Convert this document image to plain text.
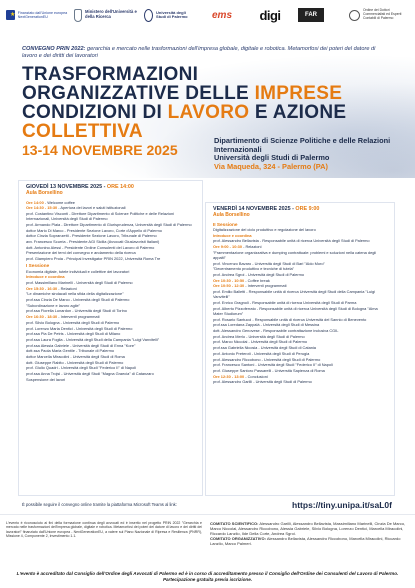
★
Finanziato dall'Unione europea NextGenerationEU
Ministero dell'Università e della Ricerca
Università degli Studi di Palermo	ems	digi	FAR
Ordine dei Dottori Commercialisti ed Esperti Contabili di Palermo
CONVEGNO PRIN 2022: gerarchia e mercato nelle trasformazioni dell'impresa globale, digitale e robotica. Metamorfosi dei poteri del datore di lavoro e dei diritti dei lavoratori
TRASFORMAZIONI
ORGANIZZATIVE DELLE IMPRESE
CONDIZIONI DI LAVORO E AZIONE
COLLETTIVA
13-14 NOVEMBRE 2025
Dipartimento di Scienze Politiche e delle Relazioni Internazionali
Università degli Studi di Palermo
Via Maqueda, 324 - Palermo (PA)
GIOVEDÌ 13 NOVEMBRE 2025 - ORE 14:00
Aula Borsellino
Ore 14:00 - Welcome coffee
Ore 14:30 - 15:30 - Apertura dei lavori e saluti istituzionali
prof. Costantino Visconti - Direttore Dipartimento di Scienze Politiche e delle Relazioni Internazionali, Università degli Studi di Palermo
prof. Armando Plaia - Direttore Dipartimento di Giurisprudenza, Università degli Studi di Palermo
dottor Mario Di Marco - Presidente Sezione Lavoro, Corte d'Appello di Palermo
dottor Cinzia Sopranzetti - Presidente Sezione Lavoro, Tribunale di Palermo
avv. Francesco Scurria - Presidente AGI Sicilia (Avvocati Giuslavoristi Italiani)
dott. Antonino Alessi - Presidente Ordine Consulenti del Lavoro di Palermo
Presentazione dei temi del convegno e andamento della ricerca
prof. Giampiero Proia - Principal Investigator PRIN 2022, Università Roma Tre
I Sessione
Economia digitale, tutele individuali e collettive dei lavoratori
Introduce e coordina
prof. Massimiliano Marinelli - Università degli Studi di Palermo
Ore 15:30 - 16:30 - Relazioni
"Le dinamiche sindacali nella sfida della digitalizzazione"
prof.ssa Cinzia De Marco - Università degli Studi di Palermo
"Subordinazione e lavoro agile"
prof.ssa Fiorella Lunardon - Università degli Studi di Torino
Ore 16:30 - 18:30 - Interventi programmati
prof. Silvio Bologna - Università degli Studi di Palermo
prof. Lorenzo Maria Dentici - Università degli Studi di Palermo
prof.ssa Pia De Petris - Università degli Studi di Milano
prof.ssa Laura Foglia - Università degli Studi della Campania "Luigi Vanvitelli"
prof.ssa Alessia Gabriele - Università degli Studi di Enna "Kore"
dott.ssa Paola Maria Gentile - Tribunale di Palermo
dottor Marcella Miracolini - Università degli Studi di Roma
dott. Giuseppe Rabito - Università degli Studi di Palermo
prof. Giulio Quadri - Università degli Studi "Federico II" di Napoli
prof.ssa Anna Trojsi - Università degli Studi "Magna Graecia" di Catanzaro
Sospensione dei lavori
VENERDÌ 14 NOVEMBRE 2025 - ORE 9:00
Aula Borsellino
II Sessione
Digitalizzazione del ciclo produttivo e regolazione del lavoro
Introduce e coordina
prof. Alessandro Bellavista - Responsabile unità di ricerca Università degli Studi di Palermo
Ore 9:00 - 10:30 - Relazioni
"Frammentazione organizzativa e dumping contrattuale: problemi e soluzioni nella catena degli appalti"
prof. Vincenzo Bavaro - Università degli Studi di Bari "Aldo Moro"
"Decentramento produttivo e tecniche di tutela"
prof. Andrea Sgroi - Università degli Studi di Palermo
Ore 10:30 - 10:50 - Coffee break
Ore 10:50 - 12:30 - Interventi programmati
prof. Emilio Balletti - Responsabile unità di ricerca Università degli Studi della Campania "Luigi Vanvitelli"
prof. Enrico Gragnoli - Responsabile unità di ricerca Università degli Studi di Parma
prof. Alberto Pizzoferrato - Responsabile unità di ricerca Università degli Studi di Bologna "Alma Mater Studiorum"
prof. Rosario Santucci - Responsabile unità di ricerca Università del Sannio di Benevento
prof.ssa Loredana Zappalà - Università degli Studi di Messina
dott. Alessandro Genovese - Responsabile contrattazione inclusiva CGIL
prof. Andrea Merlo - Università degli Studi di Palermo
prof. Marco Niccolai - Università degli Studi di Palermo
prof.ssa Gabriella Nicosia - Università degli Studi di Catania
prof. Antonio Preteroti - Università degli Studi di Perugia
prof. Alessandro Riccobono - Università degli Studi di Palermo
prof. Francesco Santoni - Università degli Studi "Federico II" di Napoli
prof. Giuseppe Santoro Passarelli - Università Sapienza di Roma
Ore 12:30 - 13:00 - Conclusioni
prof. Alessandro Garilli - Università degli Studi di Palermo
È possibile seguire il convegno online tramite la piattaforma Microsoft Teams al link:	https://tiny.unipa.it/saL0f
L'evento è riconosciuto ai fini della formazione continua degli avvocati ed è inserito nel progetto PRIN 2022 "Gerarchia e mercato nelle trasformazioni dell'impresa globale, digitale e robotica. Metamorfosi dei poteri del datore di lavoro e dei diritti dei lavoratori" finanziato dall'Unione europea - NextGenerationEU, a valere sul Piano Nazionale di Ripresa e Resilienza (PNRR), Missione 4, Componente 2, Investimento 1.1.
COMITATO SCIENTIFICO: Alessandro Garilli, Alessandro Bellavista, Massimiliano Marinelli, Cinzia De Marco, Marco Niccolai, Alessandro Riccobono, Alessia Gabriele, Silvio Bologna, Lorenzo Dentici, Marcella Miracolini, Riccardo Lanzilo, Ilde Della Corte, Andrea Sgroi.
COMITATO ORGANIZZATIVO: Alessandro Bellavista, Alessandro Riccobono, Marcella Miracolini, Riccardo Lanzilo, Marco Palmeri.
L'evento è accreditato dal Consiglio dell'Ordine degli Avvocati di Palermo ed è in corso di accreditamento presso il Consiglio dell'Ordine dei Consulenti del Lavoro di Palermo.
Partecipazione gratuita previa iscrizione.
